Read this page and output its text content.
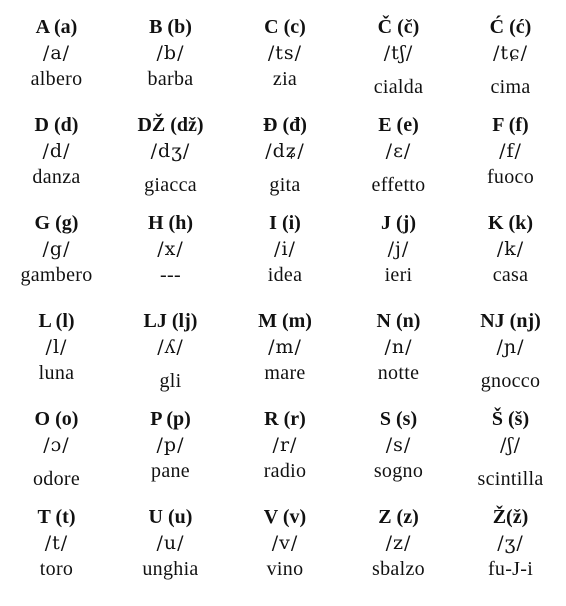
A (a)
/a/
albero
B (b)
/b/
barba
C (c)
/ts/
zia
Č (č)
/tʃ/
cialda
Ć (ć)
/tɕ/
cima
D (d)
/d/
danza
DŽ (dž)
/dʒ/
giacca
Đ (đ)
/dʑ/
gita
E (e)
/ɛ/
effetto
F (f)
/f/
fuoco
G (g)
/g/
gambero
H (h)
/x/
---
I (i)
/i/
idea
J (j)
/j/
ieri
K (k)
/k/
casa
L (l)
/l/
luna
LJ (lj)
/ʎ/
gli
M (m)
/m/
mare
N (n)
/n/
notte
NJ (nj)
/ɲ/
gnocco
O (o)
/ɔ/
odore
P (p)
/p/
pane
R (r)
/r/
radio
S (s)
/s/
sogno
Š (š)
/ʃ/
scintilla
T (t)
/t/
toro
U (u)
/u/
unghia
V (v)
/v/
vino
Z (z)
/z/
sbalzo
Ž(ž)
/ʒ/
fu-J-i
